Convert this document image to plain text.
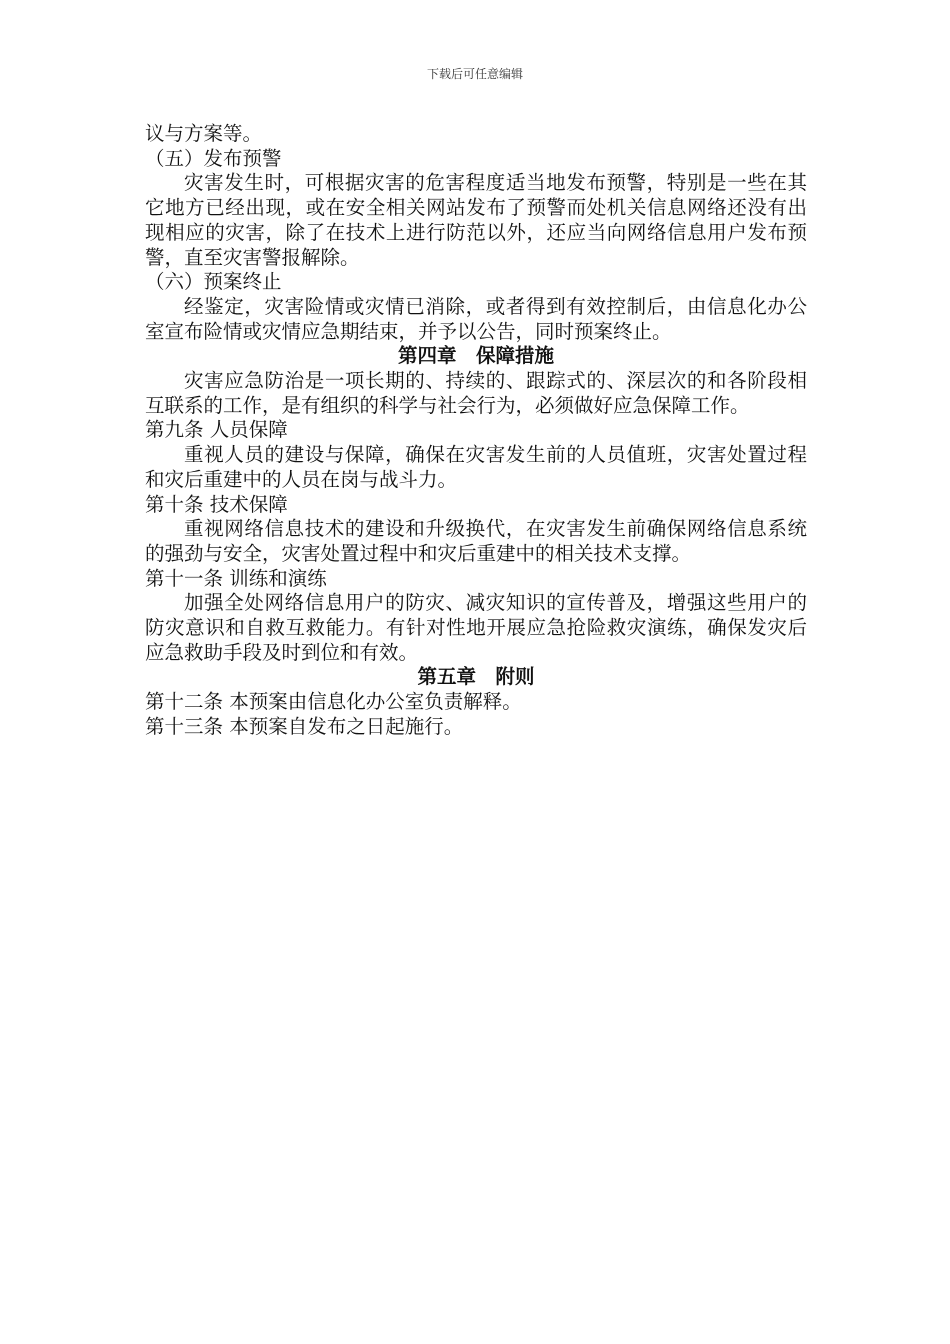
下载后可任意编辑

议与方案等。

（五）发布预警

灾害发生时，可根据灾害的危害程度适当地发布预警，特别是一些在其它地方已经出现，或在安全相关网站发布了预警而处机关信息网络还没有出现相应的灾害，除了在技术上进行防范以外，还应当向网络信息用户发布预警，直至灾害警报解除。

（六）预案终止

经鉴定，灾害险情或灾情已消除，或者得到有效控制后，由信息化办公室宣布险情或灾情应急期结束，并予以公告，同时预案终止。

第四章　保障措施

灾害应急防治是一项长期的、持续的、跟踪式的、深层次的和各阶段相互联系的工作，是有组织的科学与社会行为，必须做好应急保障工作。

第九条 人员保障

重视人员的建设与保障，确保在灾害发生前的人员值班，灾害处置过程和灾后重建中的人员在岗与战斗力。

第十条 技术保障

重视网络信息技术的建设和升级换代，在灾害发生前确保网络信息系统的强劲与安全，灾害处置过程中和灾后重建中的相关技术支撑。

第十一条 训练和演练

加强全处网络信息用户的防灾、减灾知识的宣传普及，增强这些用户的防灾意识和自救互救能力。有针对性地开展应急抢险救灾演练，确保发灾后应急救助手段及时到位和有效。

第五章　附则

第十二条 本预案由信息化办公室负责解释。

第十三条 本预案自发布之日起施行。
